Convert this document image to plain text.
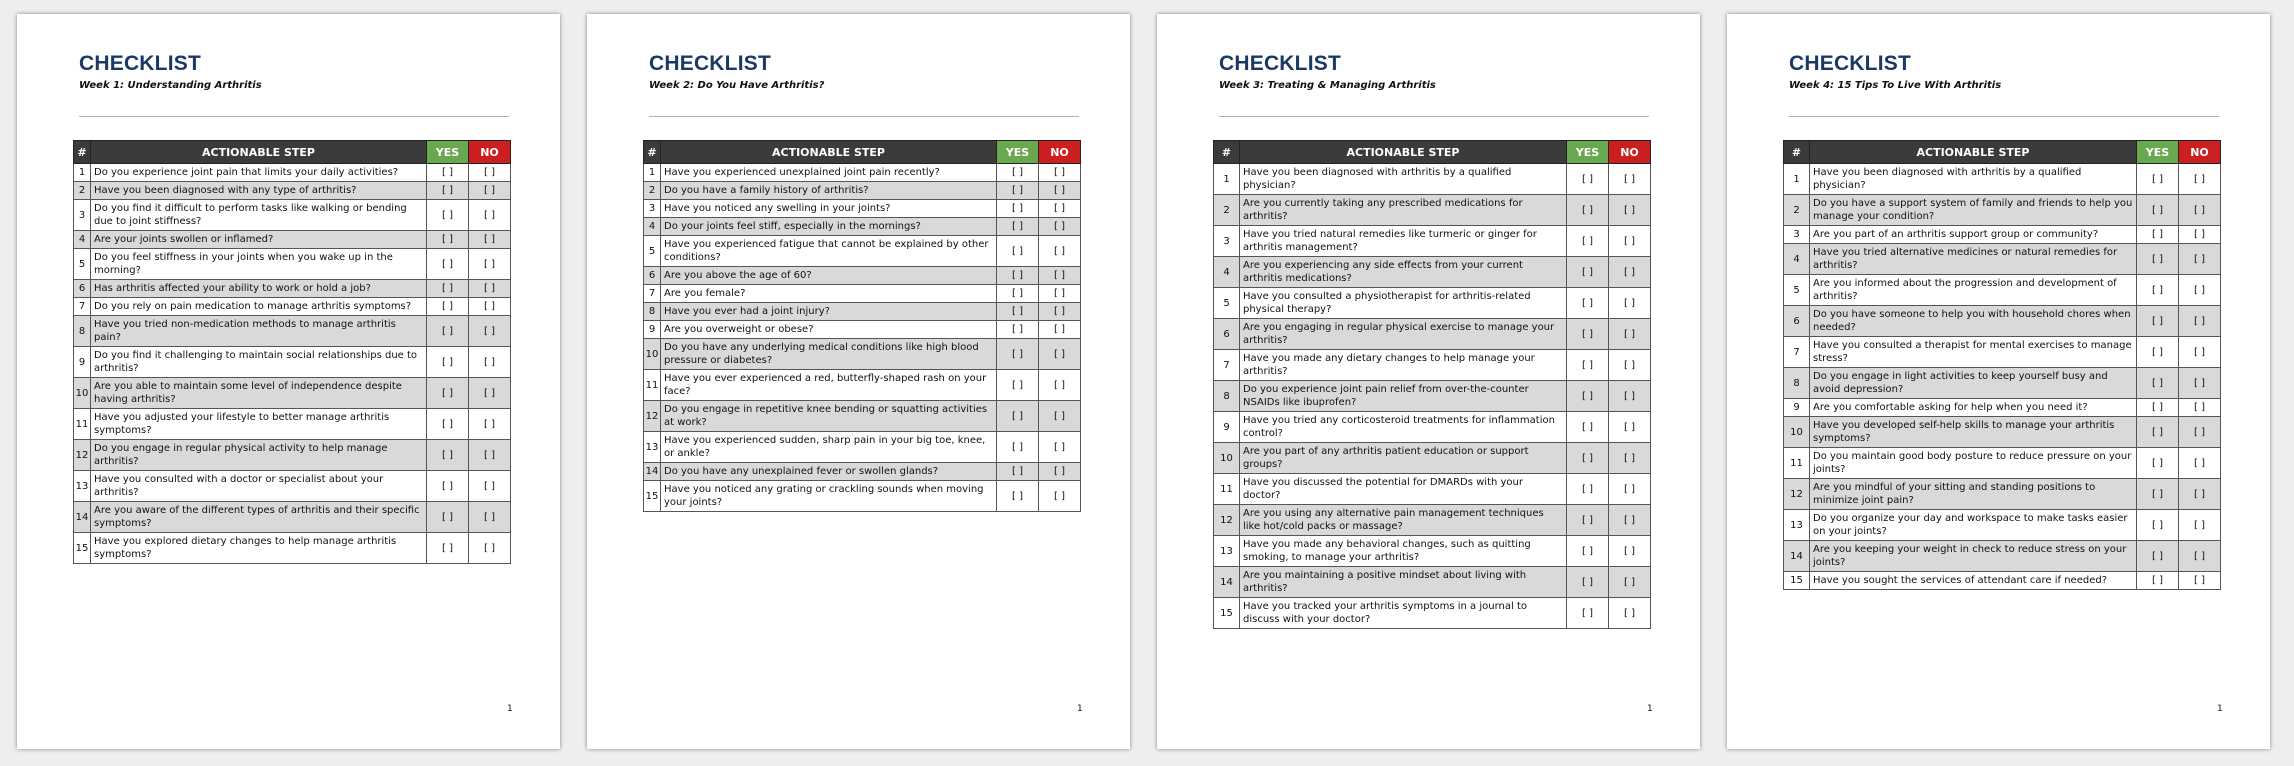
CHECKLIST
Week 1: Understanding Arthritis
#	ACTIONABLE STEP	YES	NO
1	Do you experience joint pain that limits your daily activities?	[ ]	[ ]
2	Have you been diagnosed with any type of arthritis?	[ ]	[ ]
3	Do you find it difficult to perform tasks like walking or bending due to joint stiffness?	[ ]	[ ]
4	Are your joints swollen or inflamed?	[ ]	[ ]
5	Do you feel stiffness in your joints when you wake up in the morning?	[ ]	[ ]
6	Has arthritis affected your ability to work or hold a job?	[ ]	[ ]
7	Do you rely on pain medication to manage arthritis symptoms?	[ ]	[ ]
8	Have you tried non-medication methods to manage arthritis pain?	[ ]	[ ]
9	Do you find it challenging to maintain social relationships due to arthritis?	[ ]	[ ]
10	Are you able to maintain some level of independence despite having arthritis?	[ ]	[ ]
11	Have you adjusted your lifestyle to better manage arthritis symptoms?	[ ]	[ ]
12	Do you engage in regular physical activity to help manage arthritis?	[ ]	[ ]
13	Have you consulted with a doctor or specialist about your arthritis?	[ ]	[ ]
14	Are you aware of the different types of arthritis and their specific symptoms?	[ ]	[ ]
15	Have you explored dietary changes to help manage arthritis symptoms?	[ ]	[ ]
1
CHECKLIST
Week 2: Do You Have Arthritis?
#	ACTIONABLE STEP	YES	NO
1	Have you experienced unexplained joint pain recently?	[ ]	[ ]
2	Do you have a family history of arthritis?	[ ]	[ ]
3	Have you noticed any swelling in your joints?	[ ]	[ ]
4	Do your joints feel stiff, especially in the mornings?	[ ]	[ ]
5	Have you experienced fatigue that cannot be explained by other conditions?	[ ]	[ ]
6	Are you above the age of 60?	[ ]	[ ]
7	Are you female?	[ ]	[ ]
8	Have you ever had a joint injury?	[ ]	[ ]
9	Are you overweight or obese?	[ ]	[ ]
10	Do you have any underlying medical conditions like high blood pressure or diabetes?	[ ]	[ ]
11	Have you ever experienced a red, butterfly-shaped rash on your face?	[ ]	[ ]
12	Do you engage in repetitive knee bending or squatting activities at work?	[ ]	[ ]
13	Have you experienced sudden, sharp pain in your big toe, knee, or ankle?	[ ]	[ ]
14	Do you have any unexplained fever or swollen glands?	[ ]	[ ]
15	Have you noticed any grating or crackling sounds when moving your joints?	[ ]	[ ]
1
CHECKLIST
Week 3: Treating & Managing Arthritis
#	ACTIONABLE STEP	YES	NO
1	Have you been diagnosed with arthritis by a qualified physician?	[ ]	[ ]
2	Are you currently taking any prescribed medications for arthritis?	[ ]	[ ]
3	Have you tried natural remedies like turmeric or ginger for arthritis management?	[ ]	[ ]
4	Are you experiencing any side effects from your current arthritis medications?	[ ]	[ ]
5	Have you consulted a physiotherapist for arthritis-related physical therapy?	[ ]	[ ]
6	Are you engaging in regular physical exercise to manage your arthritis?	[ ]	[ ]
7	Have you made any dietary changes to help manage your arthritis?	[ ]	[ ]
8	Do you experience joint pain relief from over-the-counter NSAIDs like ibuprofen?	[ ]	[ ]
9	Have you tried any corticosteroid treatments for inflammation control?	[ ]	[ ]
10	Are you part of any arthritis patient education or support groups?	[ ]	[ ]
11	Have you discussed the potential for DMARDs with your doctor?	[ ]	[ ]
12	Are you using any alternative pain management techniques like hot/cold packs or massage?	[ ]	[ ]
13	Have you made any behavioral changes, such as quitting smoking, to manage your arthritis?	[ ]	[ ]
14	Are you maintaining a positive mindset about living with arthritis?	[ ]	[ ]
15	Have you tracked your arthritis symptoms in a journal to discuss with your doctor?	[ ]	[ ]
1
CHECKLIST
Week 4: 15 Tips To Live With Arthritis
#	ACTIONABLE STEP	YES	NO
1	Have you been diagnosed with arthritis by a qualified physician?	[ ]	[ ]
2	Do you have a support system of family and friends to help you manage your condition?	[ ]	[ ]
3	Are you part of an arthritis support group or community?	[ ]	[ ]
4	Have you tried alternative medicines or natural remedies for arthritis?	[ ]	[ ]
5	Are you informed about the progression and development of arthritis?	[ ]	[ ]
6	Do you have someone to help you with household chores when needed?	[ ]	[ ]
7	Have you consulted a therapist for mental exercises to manage stress?	[ ]	[ ]
8	Do you engage in light activities to keep yourself busy and avoid depression?	[ ]	[ ]
9	Are you comfortable asking for help when you need it?	[ ]	[ ]
10	Have you developed self-help skills to manage your arthritis symptoms?	[ ]	[ ]
11	Do you maintain good body posture to reduce pressure on your joints?	[ ]	[ ]
12	Are you mindful of your sitting and standing positions to minimize joint pain?	[ ]	[ ]
13	Do you organize your day and workspace to make tasks easier on your joints?	[ ]	[ ]
14	Are you keeping your weight in check to reduce stress on your joints?	[ ]	[ ]
15	Have you sought the services of attendant care if needed?	[ ]	[ ]
1
